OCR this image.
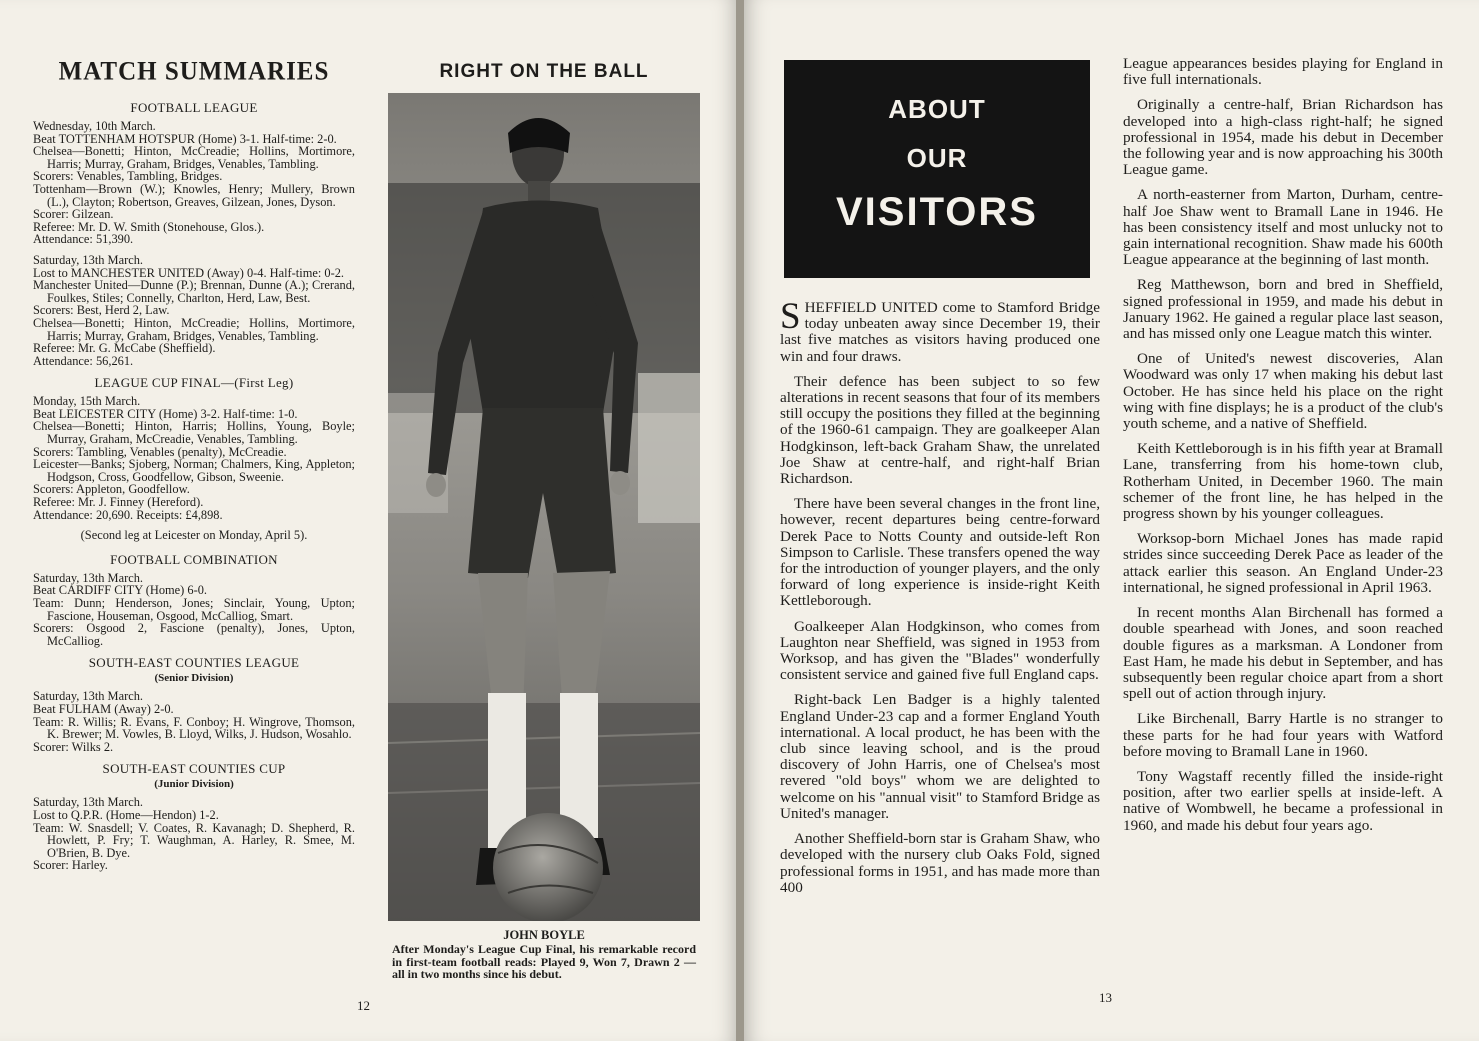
MATCH SUMMARIES
FOOTBALL LEAGUE
Wednesday, 10th March.
Beat TOTTENHAM HOTSPUR (Home) 3-1. Half-time: 2-0.
Chelsea—Bonetti; Hinton, McCreadie; Hollins, Mortimore, Harris; Murray, Graham, Bridges, Venables, Tambling.
Scorers: Venables, Tambling, Bridges.
Tottenham—Brown (W.); Knowles, Henry; Mullery, Brown (L.), Clayton; Robertson, Greaves, Gilzean, Jones, Dyson.
Scorer: Gilzean.
Referee: Mr. D. W. Smith (Stonehouse, Glos.).
Attendance: 51,390.
Saturday, 13th March.
Lost to MANCHESTER UNITED (Away) 0-4. Half-time: 0-2.
Manchester United—Dunne (P.); Brennan, Dunne (A.); Crerand, Foulkes, Stiles; Connelly, Charlton, Herd, Law, Best.
Scorers: Best, Herd 2, Law.
Chelsea—Bonetti; Hinton, McCreadie; Hollins, Mortimore, Harris; Murray, Graham, Bridges, Venables, Tambling.
Referee: Mr. G. McCabe (Sheffield).
Attendance: 56,261.
LEAGUE CUP FINAL—(First Leg)
Monday, 15th March.
Beat LEICESTER CITY (Home) 3-2. Half-time: 1-0.
Chelsea—Bonetti; Hinton, Harris; Hollins, Young, Boyle; Murray, Graham, McCreadie, Venables, Tambling.
Scorers: Tambling, Venables (penalty), McCreadie.
Leicester—Banks; Sjoberg, Norman; Chalmers, King, Appleton; Hodgson, Cross, Goodfellow, Gibson, Sweenie.
Scorers: Appleton, Goodfellow.
Referee: Mr. J. Finney (Hereford).
Attendance: 20,690. Receipts: £4,898.
(Second leg at Leicester on Monday, April 5).
FOOTBALL COMBINATION
Saturday, 13th March.
Beat CARDIFF CITY (Home) 6-0.
Team: Dunn; Henderson, Jones; Sinclair, Young, Upton; Fascione, Houseman, Osgood, McCalliog, Smart.
Scorers: Osgood 2, Fascione (penalty), Jones, Upton, McCalliog.
SOUTH-EAST COUNTIES LEAGUE
(Senior Division)
Saturday, 13th March.
Beat FULHAM (Away) 2-0.
Team: R. Willis; R. Evans, F. Conboy; H. Wingrove, Thomson, K. Brewer; M. Vowles, B. Lloyd, Wilks, J. Hudson, Wosahlo.
Scorer: Wilks 2.
SOUTH-EAST COUNTIES CUP
(Junior Division)
Saturday, 13th March.
Lost to Q.P.R. (Home—Hendon) 1-2.
Team: W. Snasdell; V. Coates, R. Kavanagh; D. Shepherd, R. Howlett, P. Fry; T. Waughman, A. Harley, R. Smee, M. O'Brien, B. Dye.
Scorer: Harley.
RIGHT ON THE BALL
JOHN BOYLE
After Monday's League Cup Final, his remarkable record in first-team football reads: Played 9, Won 7, Drawn 2 — all in two months since his debut.
12
ABOUT
OUR
VISITORS

SHEFFIELD UNITED come to Stamford Bridge today unbeaten away since December 19, their last five matches as visitors having produced one win and four draws.

Their defence has been subject to so few alterations in recent seasons that four of its members still occupy the positions they filled at the beginning of the 1960-61 campaign. They are goalkeeper Alan Hodgkinson, left-back Graham Shaw, the unrelated Joe Shaw at centre-half, and right-half Brian Richardson.

There have been several changes in the front line, however, recent departures being centre-forward Derek Pace to Notts County and outside-left Ron Simpson to Carlisle. These transfers opened the way for the introduction of younger players, and the only forward of long experience is inside-right Keith Kettleborough.

Goalkeeper Alan Hodgkinson, who comes from Laughton near Sheffield, was signed in 1953 from Worksop, and has given the "Blades" wonderfully consistent service and gained five full England caps.

Right-back Len Badger is a highly talented England Under-23 cap and a former England Youth international. A local product, he has been with the club since leaving school, and is the proud discovery of John Harris, one of Chelsea's most revered "old boys" whom we are delighted to welcome on his "annual visit" to Stamford Bridge as United's manager.

Another Sheffield-born star is Graham Shaw, who developed with the nursery club Oaks Fold, signed professional forms in 1951, and has made more than 400

League appearances besides playing for England in five full internationals.

Originally a centre-half, Brian Richardson has developed into a high-class right-half; he signed professional in 1954, made his debut in December the following year and is now approaching his 300th League game.

A north-easterner from Marton, Durham, centre-half Joe Shaw went to Bramall Lane in 1946. He has been consistency itself and most unlucky not to gain international recognition. Shaw made his 600th League appearance at the beginning of last month.

Reg Matthewson, born and bred in Sheffield, signed professional in 1959, and made his debut in January 1962. He gained a regular place last season, and has missed only one League match this winter.

One of United's newest discoveries, Alan Woodward was only 17 when making his debut last October. He has since held his place on the right wing with fine displays; he is a product of the club's youth scheme, and a native of Sheffield.

Keith Kettleborough is in his fifth year at Bramall Lane, transferring from his home-town club, Rotherham United, in December 1960. The main schemer of the front line, he has helped in the progress shown by his younger colleagues.

Worksop-born Michael Jones has made rapid strides since succeeding Derek Pace as leader of the attack earlier this season. An England Under-23 international, he signed professional in April 1963.

In recent months Alan Birchenall has formed a double spearhead with Jones, and soon reached double figures as a marksman. A Londoner from East Ham, he made his debut in September, and has subsequently been regular choice apart from a short spell out of action through injury.

Like Birchenall, Barry Hartle is no stranger to these parts for he had four years with Watford before moving to Bramall Lane in 1960.

Tony Wagstaff recently filled the inside-right position, after two earlier spells at inside-left. A native of Wombwell, he became a professional in 1960, and made his debut four years ago.

13
